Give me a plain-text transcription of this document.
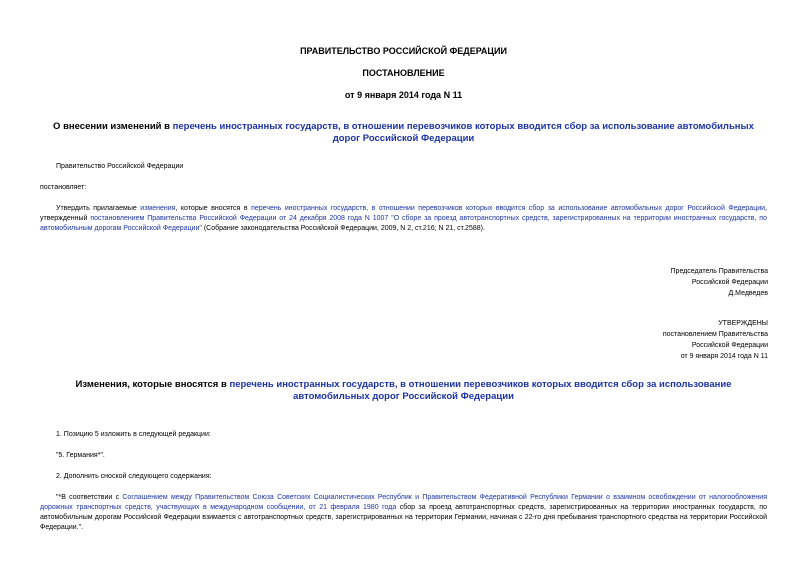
ПРАВИТЕЛЬСТВО РОССИЙСКОЙ ФЕДЕРАЦИИ
ПОСТАНОВЛЕНИЕ
от 9 января 2014 года N 11
О внесении изменений в перечень иностранных государств, в отношении перевозчиков которых вводится сбор за использование автомобильных дорог Российской Федерации
Правительство Российской Федерации
постановляет:
Утвердить прилагаемые изменения, которые вносятся в перечень иностранных государств, в отношении перевозчиков которых вводится сбор за использование автомобильных дорог Российской Федерации, утвержденный постановлением Правительства Российской Федерации от 24 декабря 2008 года N 1007 "О сборе за проезд автотранспортных средств, зарегистрированных на территории иностранных государств, по автомобильным дорогам Российской Федерации" (Собрание законодательства Российской Федерации, 2009, N 2, ст.216; N 21, ст.2588).
Председатель Правительства
Российской Федерации
Д.Медведев
УТВЕРЖДЕНЫ
постановлением Правительства
Российской Федерации
от 9 января 2014 года N 11
Изменения, которые вносятся в перечень иностранных государств, в отношении перевозчиков которых вводится сбор за использование автомобильных дорог Российской Федерации
1. Позицию 5 изложить в следующей редакции:
"5. Германия*".
2. Дополнить сноской следующего содержания:
"*В соответствии с Соглашением между Правительством Союза Советских Социалистических Республик и Правительством Федеративной Республики Германии о взаимном освобождении от налогообложения дорожных транспортных средств, участвующих в международном сообщении, от 21 февраля 1980 года сбор за проезд автотранспортных средств, зарегистрированных на территории иностранных государств, по автомобильным дорогам Российской Федерации взимается с автотранспортных средств, зарегистрированных на территории Германии, начиная с 22-го дня пребывания транспортного средства на территории Российской Федерации.".
